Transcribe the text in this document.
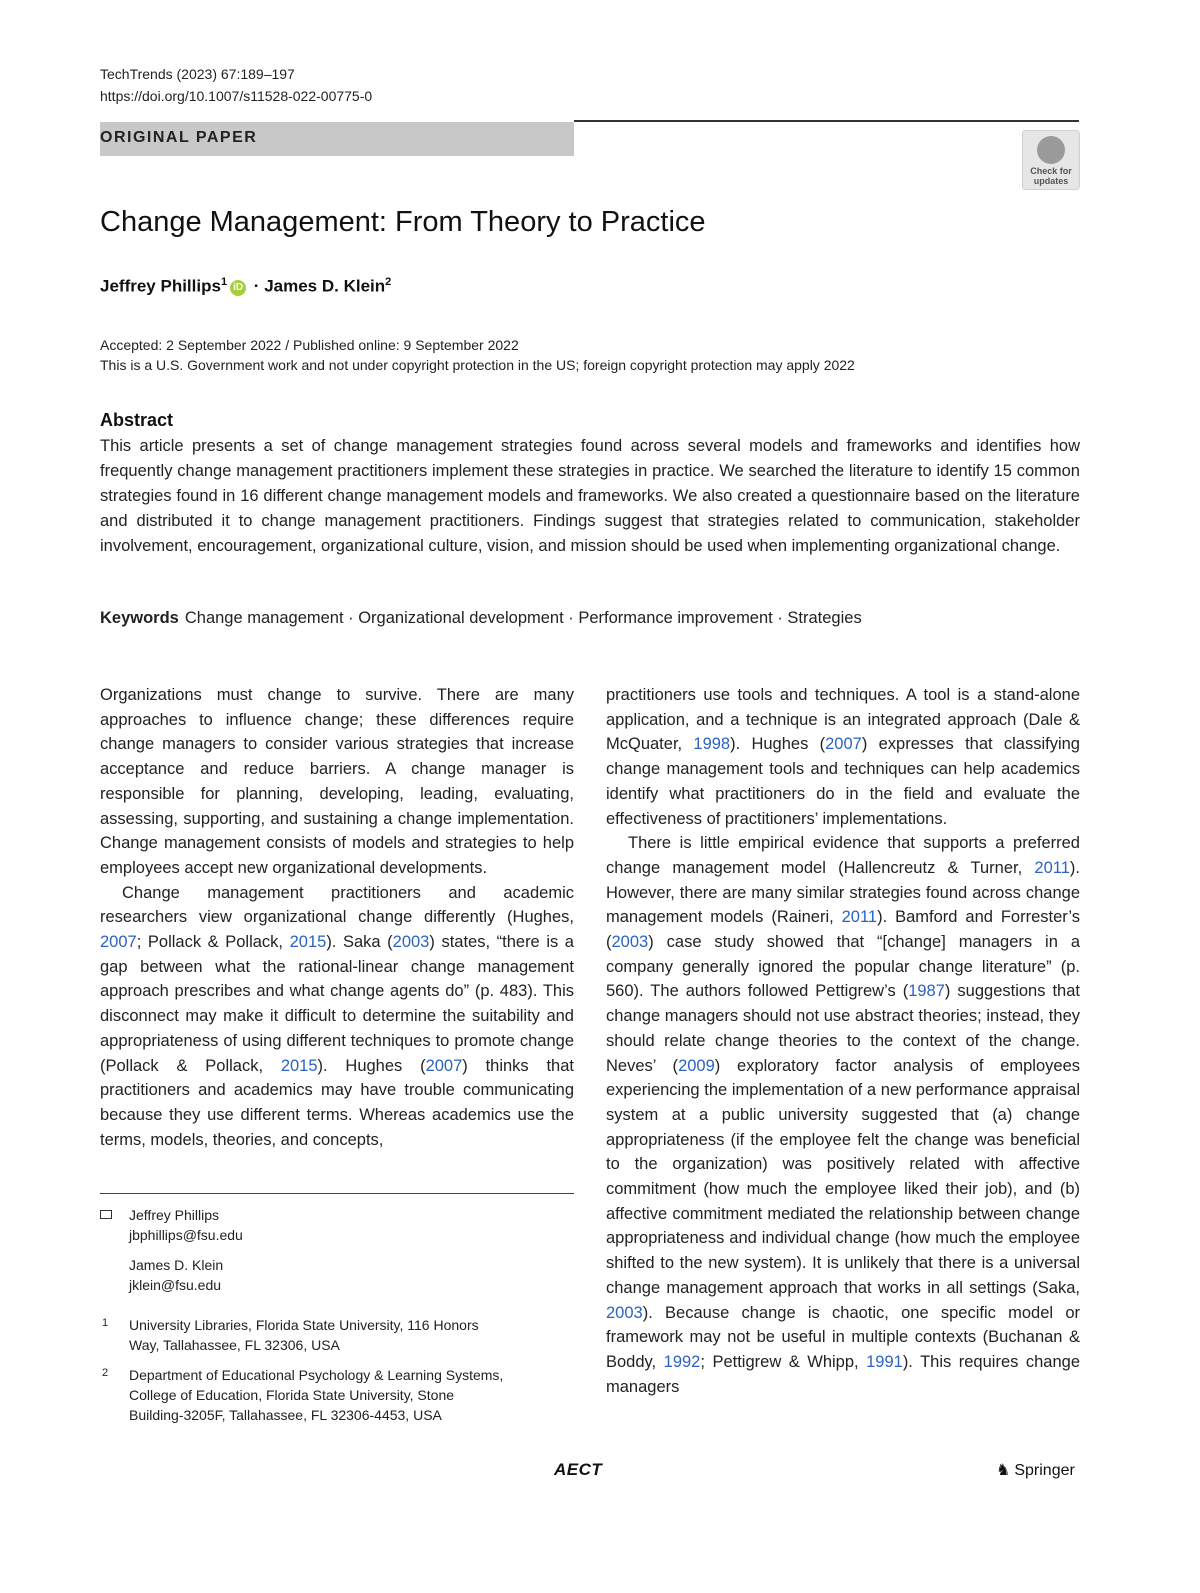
TechTrends (2023) 67:189–197
https://doi.org/10.1007/s11528-022-00775-0
ORIGINAL PAPER
Check for
updates
Change Management: From Theory to Practice
Jeffrey Phillips$^1$ iD · James D. Klein$^2$
Accepted: 2 September 2022 / Published online: 9 September 2022
This is a U.S. Government work and not under copyright protection in the US; foreign copyright protection may apply 2022
Abstract

This article presents a set of change management strategies found across several models and frameworks and identifies how frequently change management practitioners implement these strategies in practice. We searched the literature to identify 15 common strategies found in 16 different change management models and frameworks. We also created a questionnaire based on the literature and distributed it to change management practitioners. Findings suggest that strategies related to communication, stakeholder involvement, encouragement, organizational culture, vision, and mission should be used when implementing organizational change.

Keywords Change management · Organizational development · Performance improvement · Strategies

Organizations must change to survive. There are many approaches to influence change; these differences require change managers to consider various strategies that increase acceptance and reduce barriers. A change manager is responsible for planning, developing, leading, evaluating, assessing, supporting, and sustaining a change implementation. Change management consists of models and strategies to help employees accept new organizational developments.

Change management practitioners and academic researchers view organizational change differently (Hughes, 2007; Pollack & Pollack, 2015). Saka (2003) states, “there is a gap between what the rational-linear change management approach prescribes and what change agents do” (p. 483). This disconnect may make it difficult to determine the suitability and appropriateness of using different techniques to promote change (Pollack & Pollack, 2015). Hughes (2007) thinks that practitioners and academics may have trouble communicating because they use different terms. Whereas academics use the terms, models, theories, and concepts,

practitioners use tools and techniques. A tool is a stand-alone application, and a technique is an integrated approach (Dale & McQuater, 1998). Hughes (2007) expresses that classifying change management tools and techniques can help academics identify what practitioners do in the field and evaluate the effectiveness of practitioners’ implementations.

There is little empirical evidence that supports a preferred change management model (Hallencreutz & Turner, 2011). However, there are many similar strategies found across change management models (Raineri, 2011). Bamford and Forrester’s (2003) case study showed that “[change] managers in a company generally ignored the popular change literature” (p. 560). The authors followed Pettigrew’s (1987) suggestions that change managers should not use abstract theories; instead, they should relate change theories to the context of the change. Neves’ (2009) exploratory factor analysis of employees experiencing the implementation of a new performance appraisal system at a public university suggested that (a) change appropriateness (if the employee felt the change was beneficial to the organization) was positively related with affective commitment (how much the employee liked their job), and (b) affective commitment mediated the relationship between change appropriateness and individual change (how much the employee shifted to the new system). It is unlikely that there is a universal change management approach that works in all settings (Saka, 2003). Because change is chaotic, one specific model or framework may not be useful in multiple contexts (Buchanan & Boddy, 1992; Pettigrew & Whipp, 1991). This requires change managers

Jeffrey Phillips
jbphillips@fsu.edu
James D. Klein
jklein@fsu.edu
1 University Libraries, Florida State University, 116 Honors
Way, Tallahassee, FL 32306, USA
2 Department of Educational Psychology & Learning Systems,
College of Education, Florida State University, Stone
Building-3205F, Tallahassee, FL 32306-4453, USA
AECT	♞ Springer
